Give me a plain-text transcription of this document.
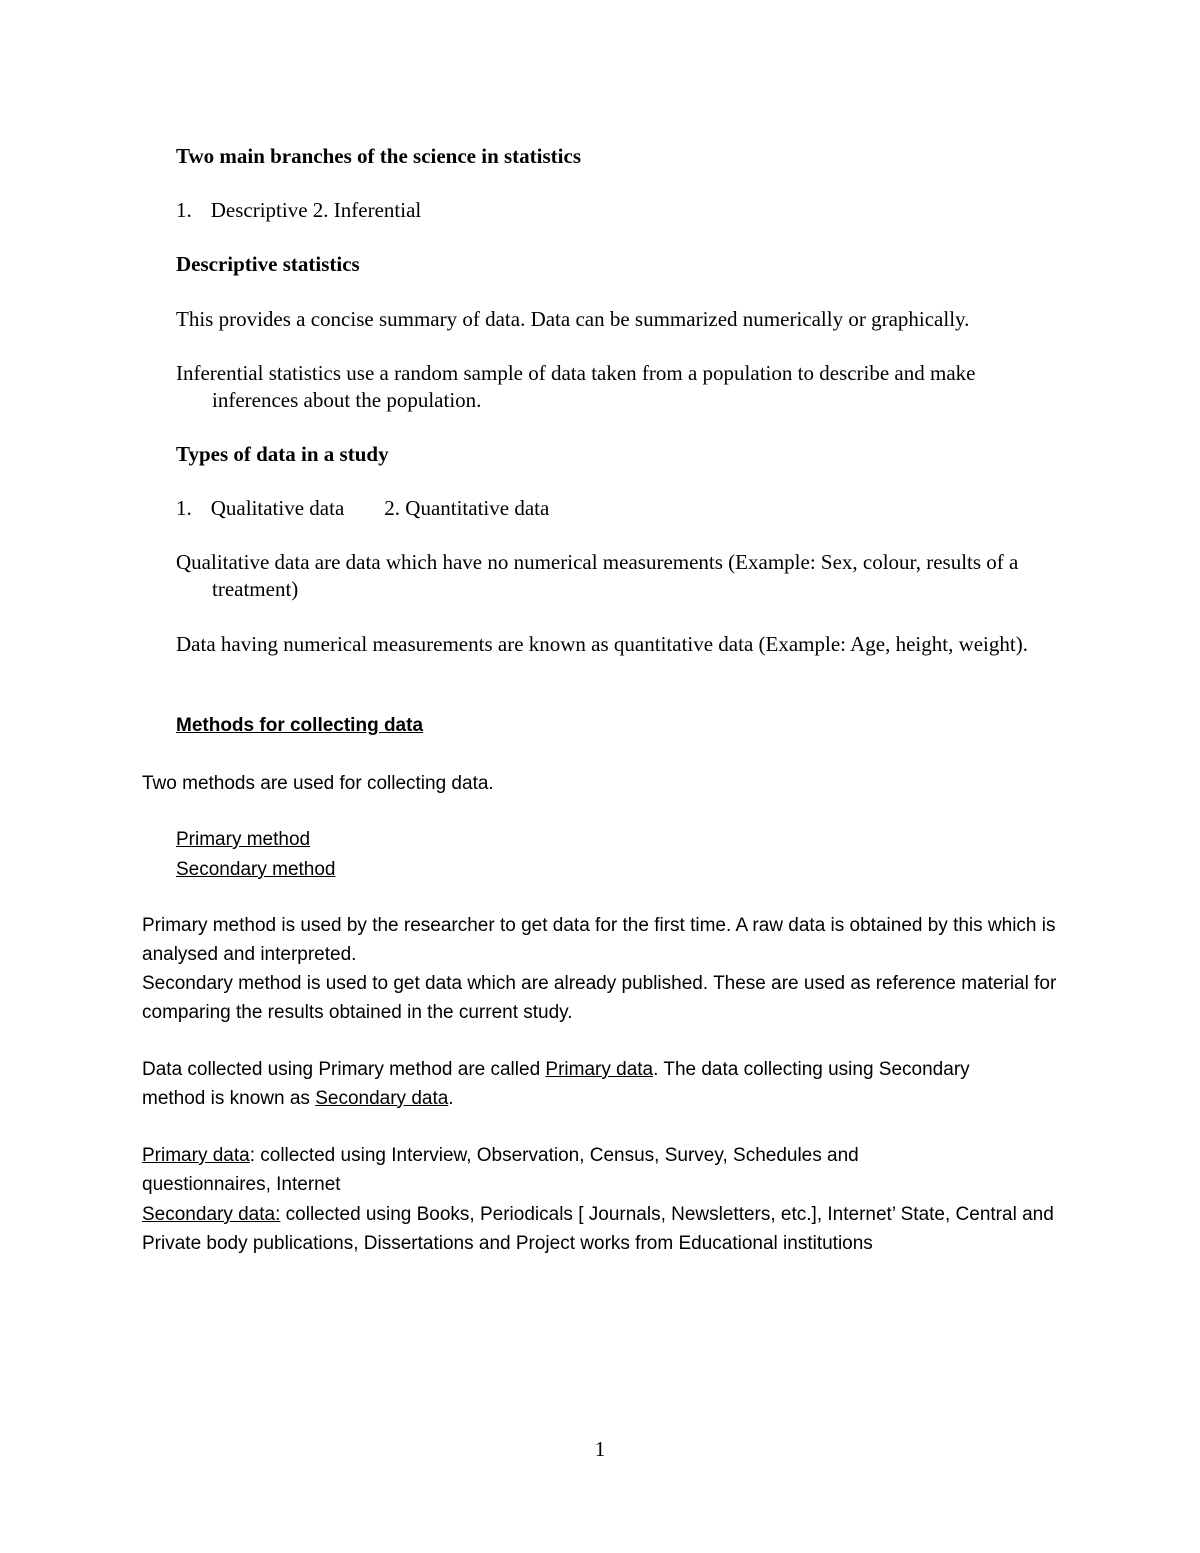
Two main branches of the science in statistics

1. Descriptive 2. Inferential

Descriptive statistics

This provides a concise summary of data. Data can be summarized numerically or graphically.

Inferential statistics use a random sample of data taken from a population to describe and make inferences about the population.

Types of data in a study

1. Qualitative data 2. Quantitative data

Qualitative data are data which have no numerical measurements (Example: Sex, colour, results of a treatment)

Data having numerical measurements are known as quantitative data (Example: Age, height, weight).

Methods for collecting data

Two methods are used for collecting data.

Primary method

Secondary method

Primary method is used by the researcher to get data for the first time. A raw data is obtained by this which is analysed and interpreted.

Secondary method is used to get data which are already published. These are used as reference material for comparing the results obtained in the current study.

Data collected using Primary method are called Primary data. The data collecting using Secondary method is known as Secondary data.

Primary data: collected using Interview, Observation, Census, Survey, Schedules and questionnaires, Internet

Secondary data: collected using Books, Periodicals [ Journals, Newsletters, etc.], Internet’ State, Central and Private body publications, Dissertations and Project works from Educational institutions

1
